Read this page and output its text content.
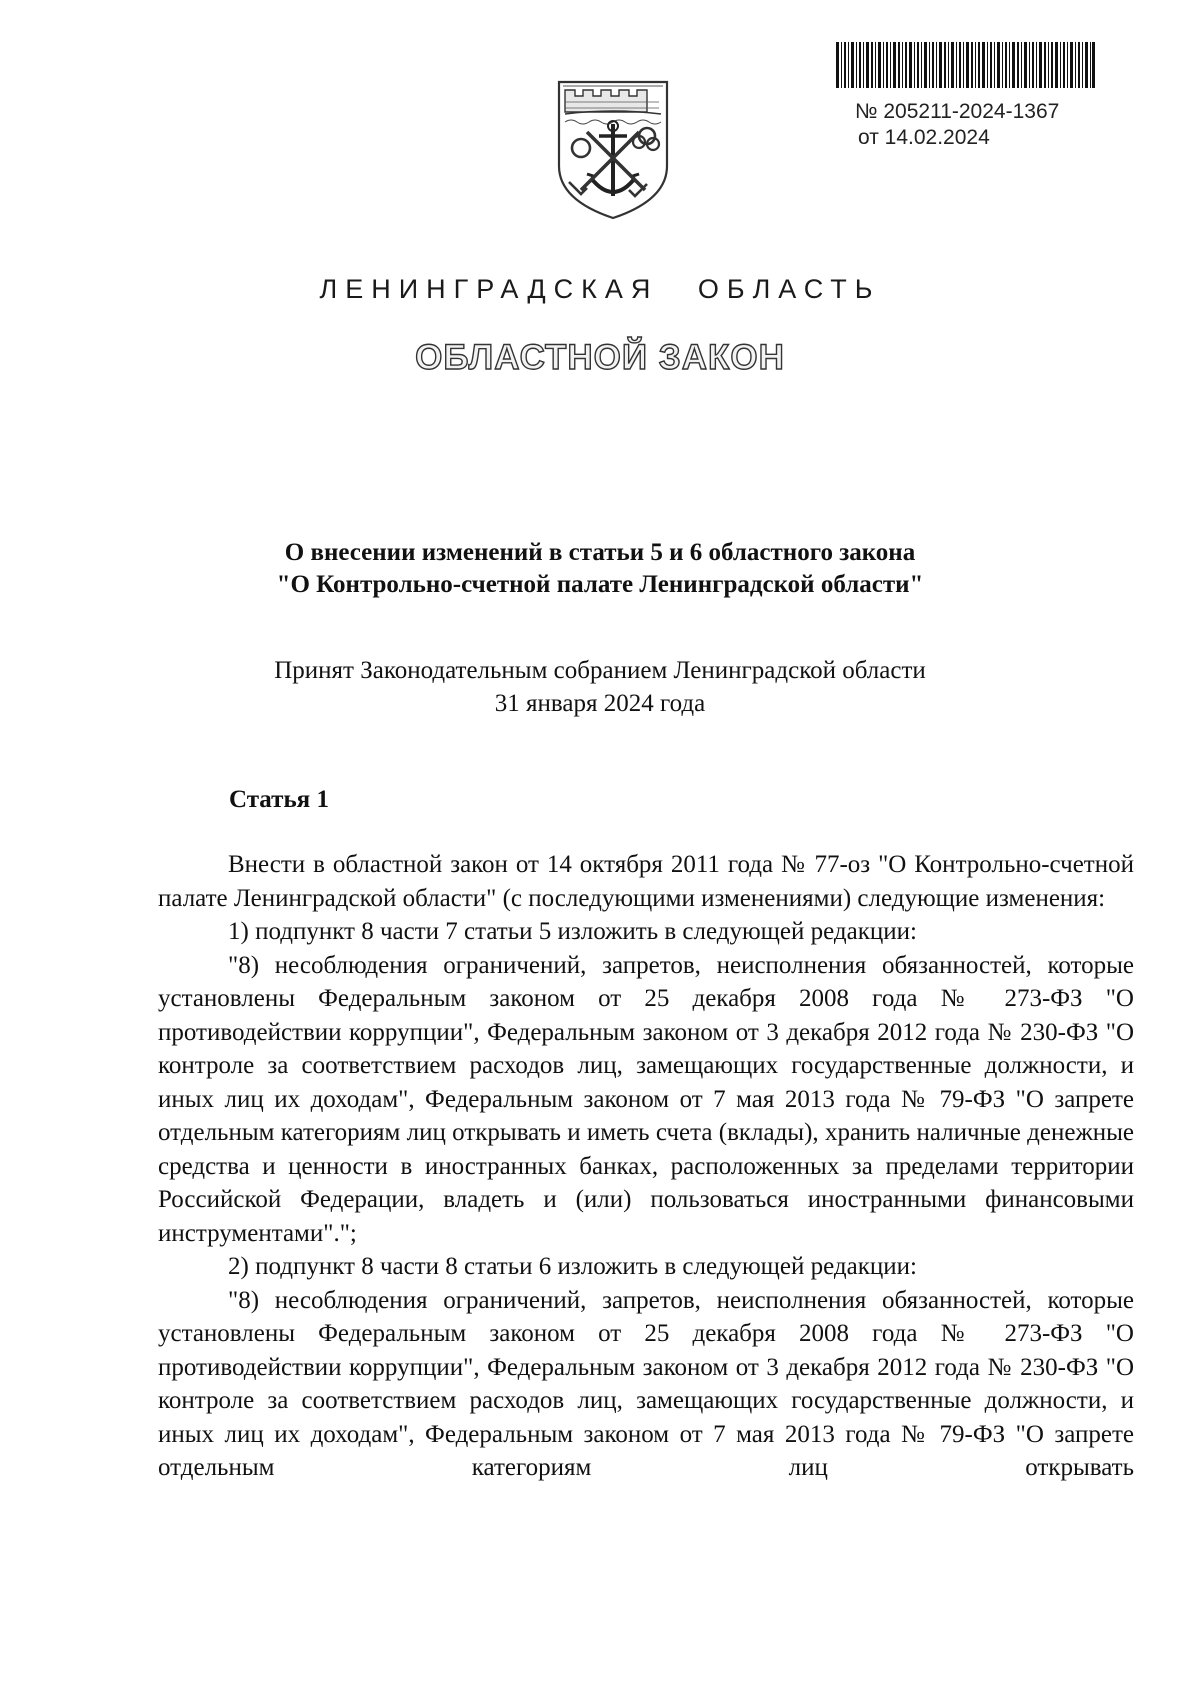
№ 205211-2024-1367
от 14.02.2024
ЛЕНИНГРАДСКАЯ ОБЛАСТЬ
ОБЛАСТНОЙ ЗАКОН
О внесении изменений в статьи 5 и 6 областного закона
"О Контрольно-счетной палате Ленинградской области"
Принят Законодательным собранием Ленинградской области
31 января 2024 года
Статья 1

Внести в областной закон от 14 октября 2011 года № 77-оз "О Контрольно-счетной палате Ленинградской области" (с последующими изменениями) следующие изменения:

1) подпункт 8 части 7 статьи 5 изложить в следующей редакции:

"8) несоблюдения ограничений, запретов, неисполнения обязанностей, которые установлены Федеральным законом от 25 декабря 2008 года № 273-ФЗ "О противодействии коррупции", Федеральным законом от 3 декабря 2012 года № 230-ФЗ "О контроле за соответствием расходов лиц, замещающих государственные должности, и иных лиц их доходам", Федеральным законом от 7 мая 2013 года № 79-ФЗ "О запрете отдельным категориям лиц открывать и иметь счета (вклады), хранить наличные денежные средства и ценности в иностранных банках, расположенных за пределами территории Российской Федерации, владеть и (или) пользоваться иностранными финансовыми инструментами".";

2) подпункт 8 части 8 статьи 6 изложить в следующей редакции:

"8) несоблюдения ограничений, запретов, неисполнения обязанностей, которые установлены Федеральным законом от 25 декабря 2008 года № 273-ФЗ "О противодействии коррупции", Федеральным законом от 3 декабря 2012 года № 230-ФЗ "О контроле за соответствием расходов лиц, замещающих государственные должности, и иных лиц их доходам", Федеральным законом от 7 мая 2013 года № 79-ФЗ "О запрете отдельным категориям лиц открывать
